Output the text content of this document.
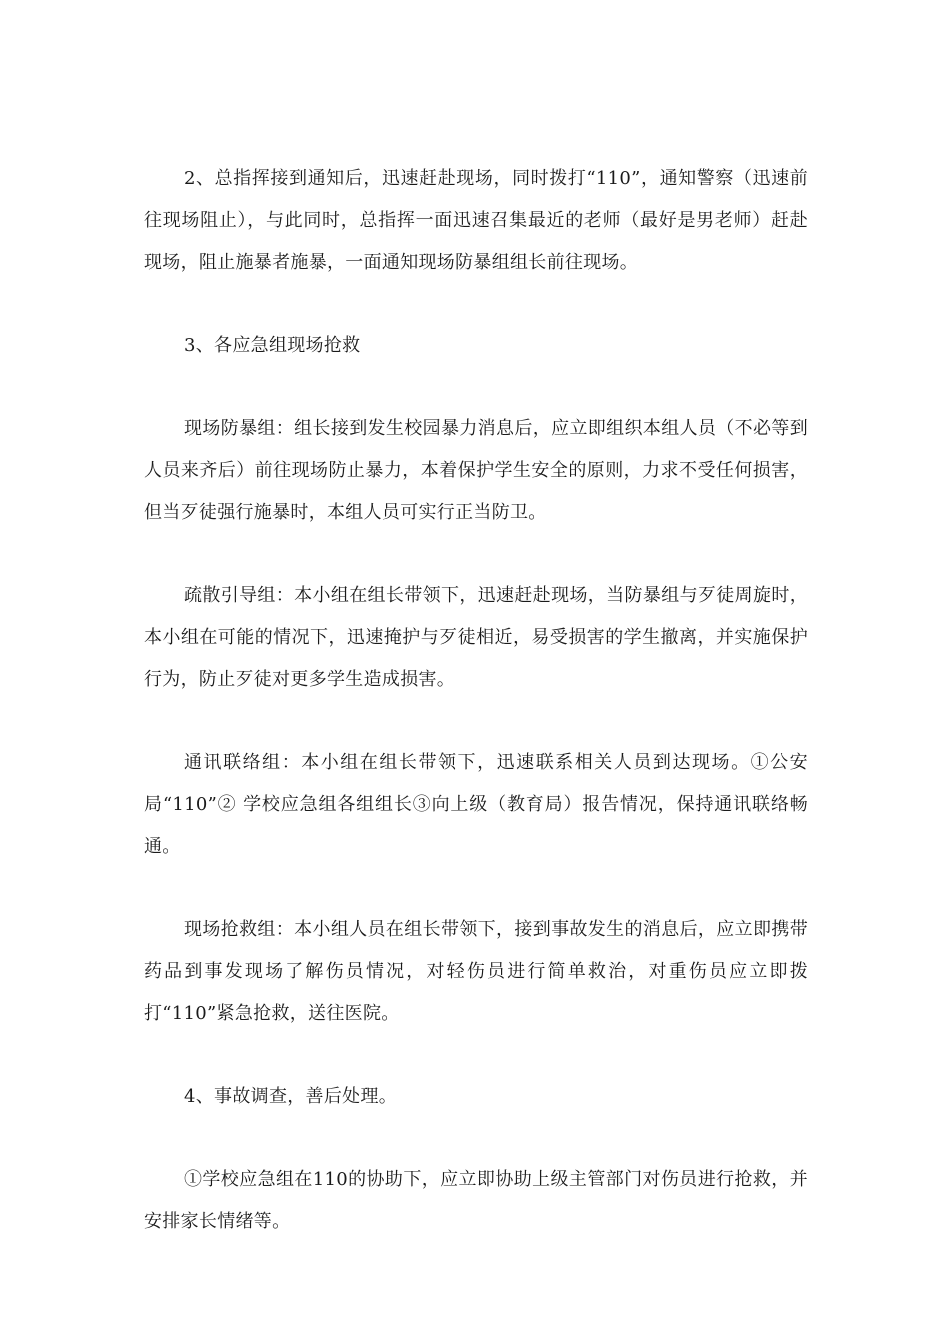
2、总指挥接到通知后，迅速赶赴现场，同时拨打“110”，通知警察（迅速前往现场阻止），与此同时，总指挥一面迅速召集最近的老师（最好是男老师）赶赴现场，阻止施暴者施暴，一面通知现场防暴组组长前往现场。

3、各应急组现场抢救

现场防暴组：组长接到发生校园暴力消息后，应立即组织本组人员（不必等到人员来齐后）前往现场防止暴力，本着保护学生安全的原则，力求不受任何损害，但当歹徒强行施暴时，本组人员可实行正当防卫。

疏散引导组：本小组在组长带领下，迅速赶赴现场，当防暴组与歹徒周旋时，本小组在可能的情况下，迅速掩护与歹徒相近，易受损害的学生撤离，并实施保护行为，防止歹徒对更多学生造成损害。

通讯联络组：本小组在组长带领下，迅速联系相关人员到达现场。①公安局“110”② 学校应急组各组组长③向上级（教育局）报告情况，保持通讯联络畅通。

现场抢救组：本小组人员在组长带领下，接到事故发生的消息后，应立即携带药品到事发现场了解伤员情况，对轻伤员进行简单救治，对重伤员应立即拨打“110”紧急抢救，送往医院。

4、事故调查，善后处理。

①学校应急组在110的协助下，应立即协助上级主管部门对伤员进行抢救，并安排家长情绪等。
